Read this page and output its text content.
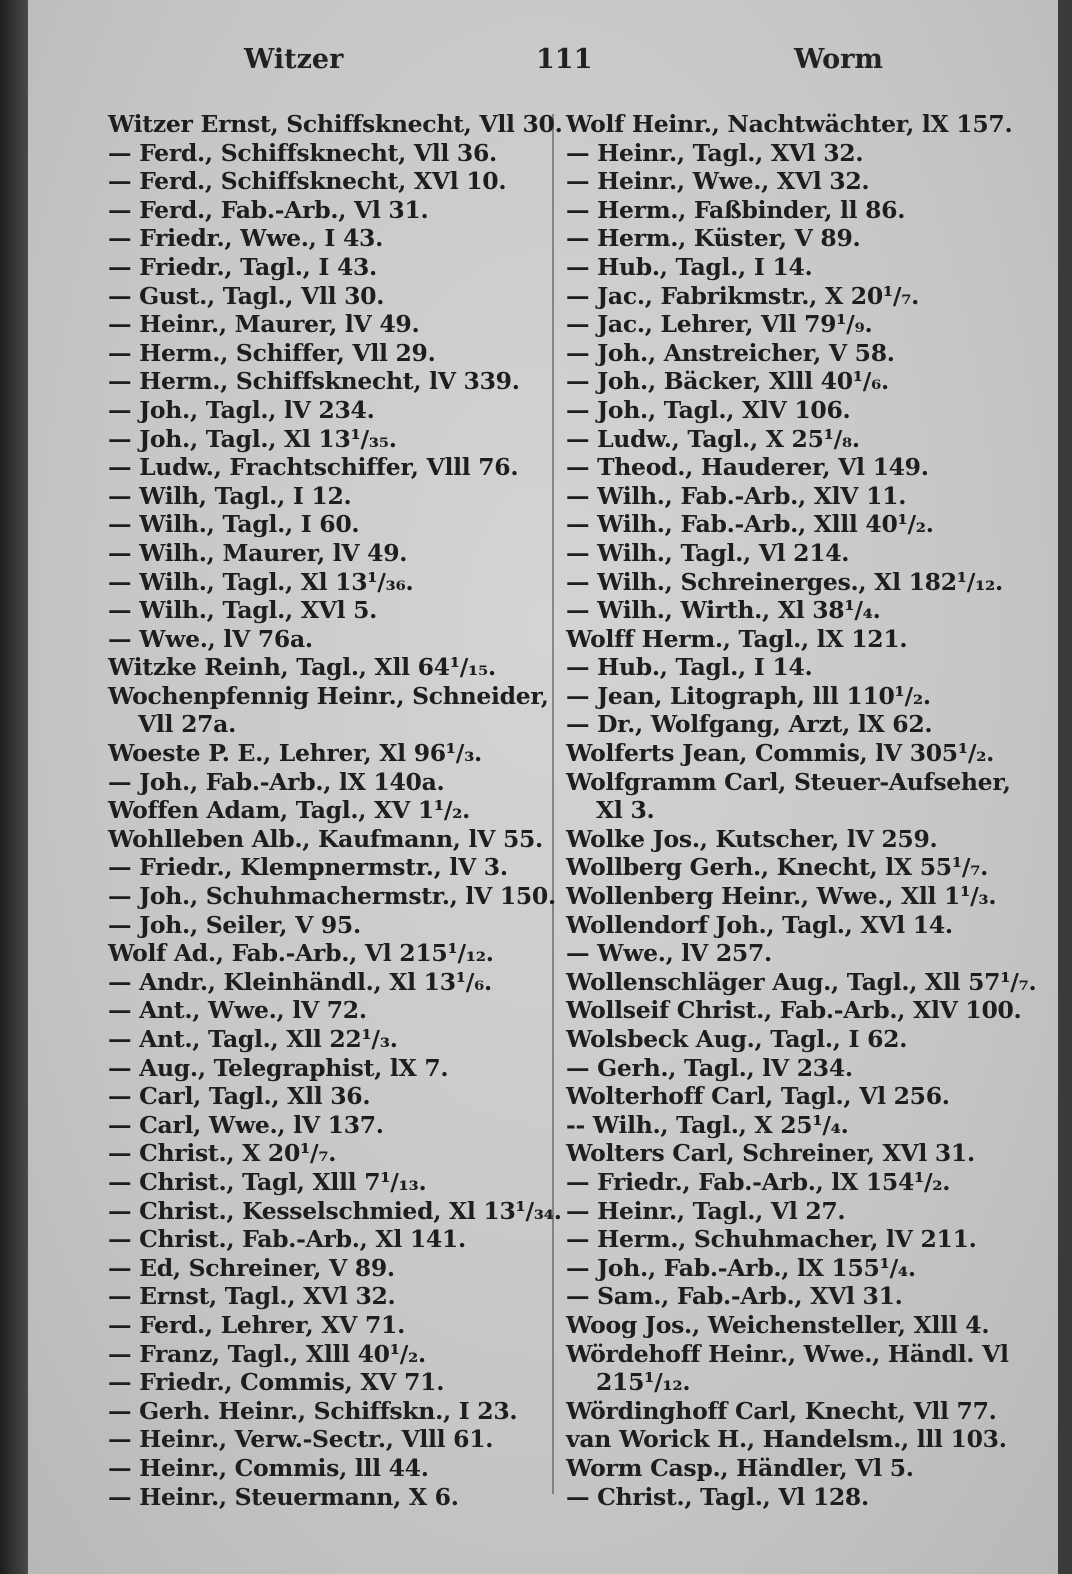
Witzer	111	Worm
Witzer Ernst, Schiffsknecht, Vll 30.
— Ferd., Schiffsknecht, Vll 36.
— Ferd., Schiffsknecht, XVl 10.
— Ferd., Fab.-Arb., Vl 31.
— Friedr., Wwe., I 43.
— Friedr., Tagl., I 43.
— Gust., Tagl., Vll 30.
— Heinr., Maurer, lV 49.
— Herm., Schiffer, Vll 29.
— Herm., Schiffsknecht, lV 339.
— Joh., Tagl., lV 234.
— Joh., Tagl., Xl 13¹/₃₅.
— Ludw., Frachtschiffer, Vlll 76.
— Wilh, Tagl., I 12.
— Wilh., Tagl., I 60.
— Wilh., Maurer, lV 49.
— Wilh., Tagl., Xl 13¹/₃₆.
— Wilh., Tagl., XVl 5.
— Wwe., lV 76a.
Witzke Reinh, Tagl., Xll 64¹/₁₅.
Wochenpfennig Heinr., Schneider,
Vll 27a.
Woeste P. E., Lehrer, Xl 96¹/₃.
— Joh., Fab.-Arb., lX 140a.
Woffen Adam, Tagl., XV 1¹/₂.
Wohlleben Alb., Kaufmann, lV 55.
— Friedr., Klempnermstr., lV 3.
— Joh., Schuhmachermstr., lV 150.
— Joh., Seiler, V 95.
Wolf Ad., Fab.-Arb., Vl 215¹/₁₂.
— Andr., Kleinhändl., Xl 13¹/₆.
— Ant., Wwe., lV 72.
— Ant., Tagl., Xll 22¹/₃.
— Aug., Telegraphist, lX 7.
— Carl, Tagl., Xll 36.
— Carl, Wwe., lV 137.
— Christ., X 20¹/₇.
— Christ., Tagl, Xlll 7¹/₁₃.
— Christ., Kesselschmied, Xl 13¹/₃₄.
— Christ., Fab.-Arb., Xl 141.
— Ed, Schreiner, V 89.
— Ernst, Tagl., XVl 32.
— Ferd., Lehrer, XV 71.
— Franz, Tagl., Xlll 40¹/₂.
— Friedr., Commis, XV 71.
— Gerh. Heinr., Schiffskn., I 23.
— Heinr., Verw.-Sectr., Vlll 61.
— Heinr., Commis, lll 44.
— Heinr., Steuermann, X 6.
Wolf Heinr., Nachtwächter, lX 157.
— Heinr., Tagl., XVl 32.
— Heinr., Wwe., XVl 32.
— Herm., Faßbinder, ll 86.
— Herm., Küster, V 89.
— Hub., Tagl., I 14.
— Jac., Fabrikmstr., X 20¹/₇.
— Jac., Lehrer, Vll 79¹/₉.
— Joh., Anstreicher, V 58.
— Joh., Bäcker, Xlll 40¹/₆.
— Joh., Tagl., XlV 106.
— Ludw., Tagl., X 25¹/₈.
— Theod., Hauderer, Vl 149.
— Wilh., Fab.-Arb., XlV 11.
— Wilh., Fab.-Arb., Xlll 40¹/₂.
— Wilh., Tagl., Vl 214.
— Wilh., Schreinerges., Xl 182¹/₁₂.
— Wilh., Wirth., Xl 38¹/₄.
Wolff Herm., Tagl., lX 121.
— Hub., Tagl., I 14.
— Jean, Litograph, lll 110¹/₂.
— Dr., Wolfgang, Arzt, lX 62.
Wolferts Jean, Commis, lV 305¹/₂.
Wolfgramm Carl, Steuer-Aufseher,
Xl 3.
Wolke Jos., Kutscher, lV 259.
Wollberg Gerh., Knecht, lX 55¹/₇.
Wollenberg Heinr., Wwe., Xll 1¹/₃.
Wollendorf Joh., Tagl., XVl 14.
— Wwe., lV 257.
Wollenschläger Aug., Tagl., Xll 57¹/₇.
Wollseif Christ., Fab.-Arb., XlV 100.
Wolsbeck Aug., Tagl., I 62.
— Gerh., Tagl., lV 234.
Wolterhoff Carl, Tagl., Vl 256.
-- Wilh., Tagl., X 25¹/₄.
Wolters Carl, Schreiner, XVl 31.
— Friedr., Fab.-Arb., lX 154¹/₂.
— Heinr., Tagl., Vl 27.
— Herm., Schuhmacher, lV 211.
— Joh., Fab.-Arb., lX 155¹/₄.
— Sam., Fab.-Arb., XVl 31.
Woog Jos., Weichensteller, Xlll 4.
Wördehoff Heinr., Wwe., Händl. Vl
215¹/₁₂.
Wördinghoff Carl, Knecht, Vll 77.
van Worick H., Handelsm., lll 103.
Worm Casp., Händler, Vl 5.
— Christ., Tagl., Vl 128.
